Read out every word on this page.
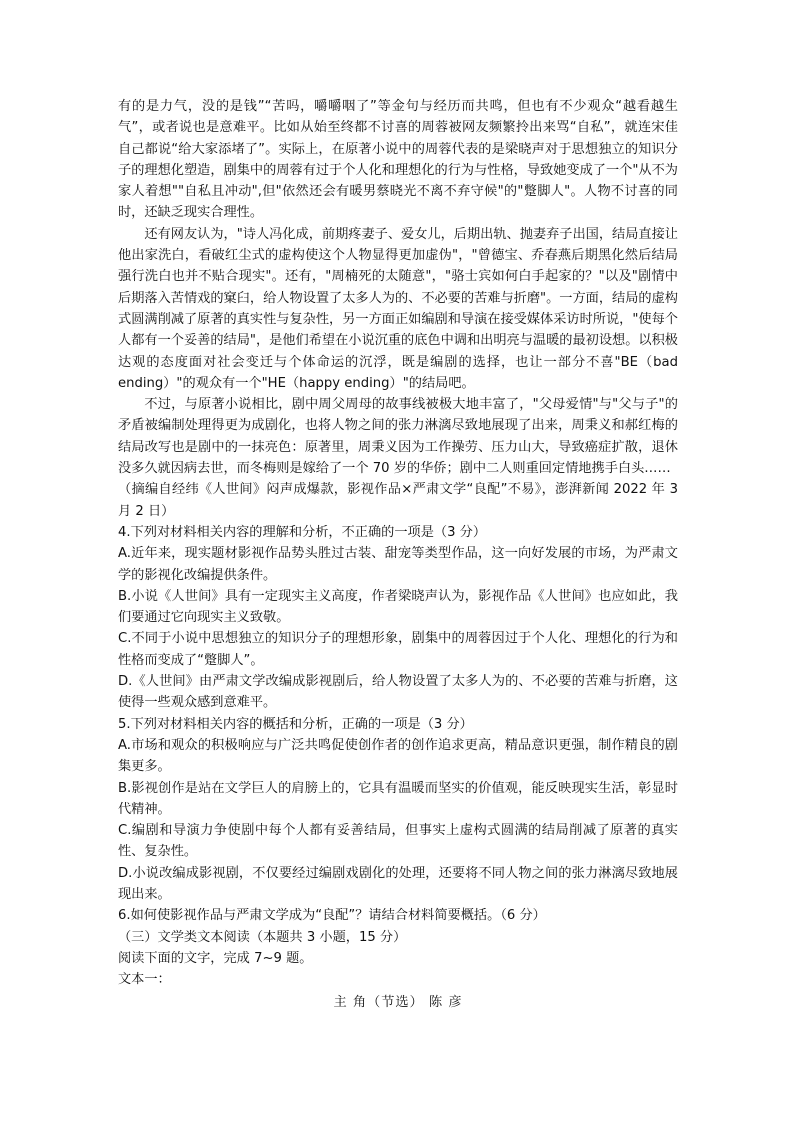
有的是力气，没的是钱”“苦吗，嚼嚼咽了”等金句与经历而共鸣，但也有不少观众“越看越生气”，或者说也是意难平。比如从始至终都不讨喜的周蓉被网友频繁拎出来骂“自私”，就连宋佳自己都说“给大家添堵了”。实际上，在原著小说中的周蓉代表的是梁晓声对于思想独立的知识分子的理想化塑造，剧集中的周蓉有过于个人化和理想化的行为与性格，导致她变成了一个"从不为家人着想""自私且冲动",但"依然还会有暖男蔡晓光不离不弃守候"的"蹩脚人"。人物不讨喜的同时，还缺乏现实合理性。

还有网友认为，"诗人冯化成，前期疼妻子、爱女儿，后期出轨、抛妻弃子出国，结局直接让他出家洗白，看破红尘式的虚构使这个人物显得更加虚伪"，"曾德宝、乔春燕后期黑化然后结局强行洗白也并不贴合现实"。还有，"周楠死的太随意"，"骆士宾如何白手起家的？"以及"剧情中后期落入苦情戏的窠臼，给人物设置了太多人为的、不必要的苦难与折磨"。一方面，结局的虚构式圆满削减了原著的真实性与复杂性，另一方面正如编剧和导演在接受媒体采访时所说，"使每个人都有一个妥善的结局"，是他们希望在小说沉重的底色中调和出明亮与温暖的最初设想。以积极达观的态度面对社会变迁与个体命运的沉浮，既是编剧的选择，也让一部分不喜"BE（bad ending）"的观众有一个"HE（happy ending）"的结局吧。

不过，与原著小说相比，剧中周父周母的故事线被极大地丰富了，"父母爱情"与"父与子"的矛盾被编制处理得更为成剧化，也将人物之间的张力淋漓尽致地展现了出来，周秉义和郝红梅的结局改写也是剧中的一抹亮色：原著里，周秉义因为工作操劳、压力山大，导致癌症扩散，退休没多久就因病去世，而冬梅则是嫁给了一个 70 岁的华侨；剧中二人则重回定情地携手白头……

（摘编自经纬《人世间》闷声成爆款，影视作品×严肃文学“良配”不易》，澎湃新闻 2022 年 3 月 2 日）

4.下列对材料相关内容的理解和分析，不正确的一项是（3 分）

A.近年来，现实题材影视作品势头胜过古装、甜宠等类型作品，这一向好发展的市场，为严肃文学的影视化改编提供条件。

B.小说《人世间》具有一定现实主义高度，作者梁晓声认为，影视作品《人世间》也应如此，我们要通过它向现实主义致敬。

C.不同于小说中思想独立的知识分子的理想形象，剧集中的周蓉因过于个人化、理想化的行为和性格而变成了“蹩脚人”。

D.《人世间》由严肃文学改编成影视剧后，给人物设置了太多人为的、不必要的苦难与折磨，这使得一些观众感到意难平。

5.下列对材料相关内容的概括和分析，正确的一项是（3 分）

A.市场和观众的积极响应与广泛共鸣促使创作者的创作追求更高，精品意识更强，制作精良的剧集更多。

B.影视创作是站在文学巨人的肩膀上的，它具有温暖而坚实的价值观，能反映现实生活，彰显时代精神。

C.编剧和导演力争使剧中每个人都有妥善结局，但事实上虚构式圆满的结局削减了原著的真实性、复杂性。

D.小说改编成影视剧，不仅要经过编剧戏剧化的处理，还要将不同人物之间的张力淋漓尽致地展现出来。

6.如何使影视作品与严肃文学成为“良配”？请结合材料简要概括。（6 分）

（三）文学类文本阅读（本题共 3 小题，15 分）

阅读下面的文字，完成 7~9 题。

文本一：

主 角（节选） 陈 彦
